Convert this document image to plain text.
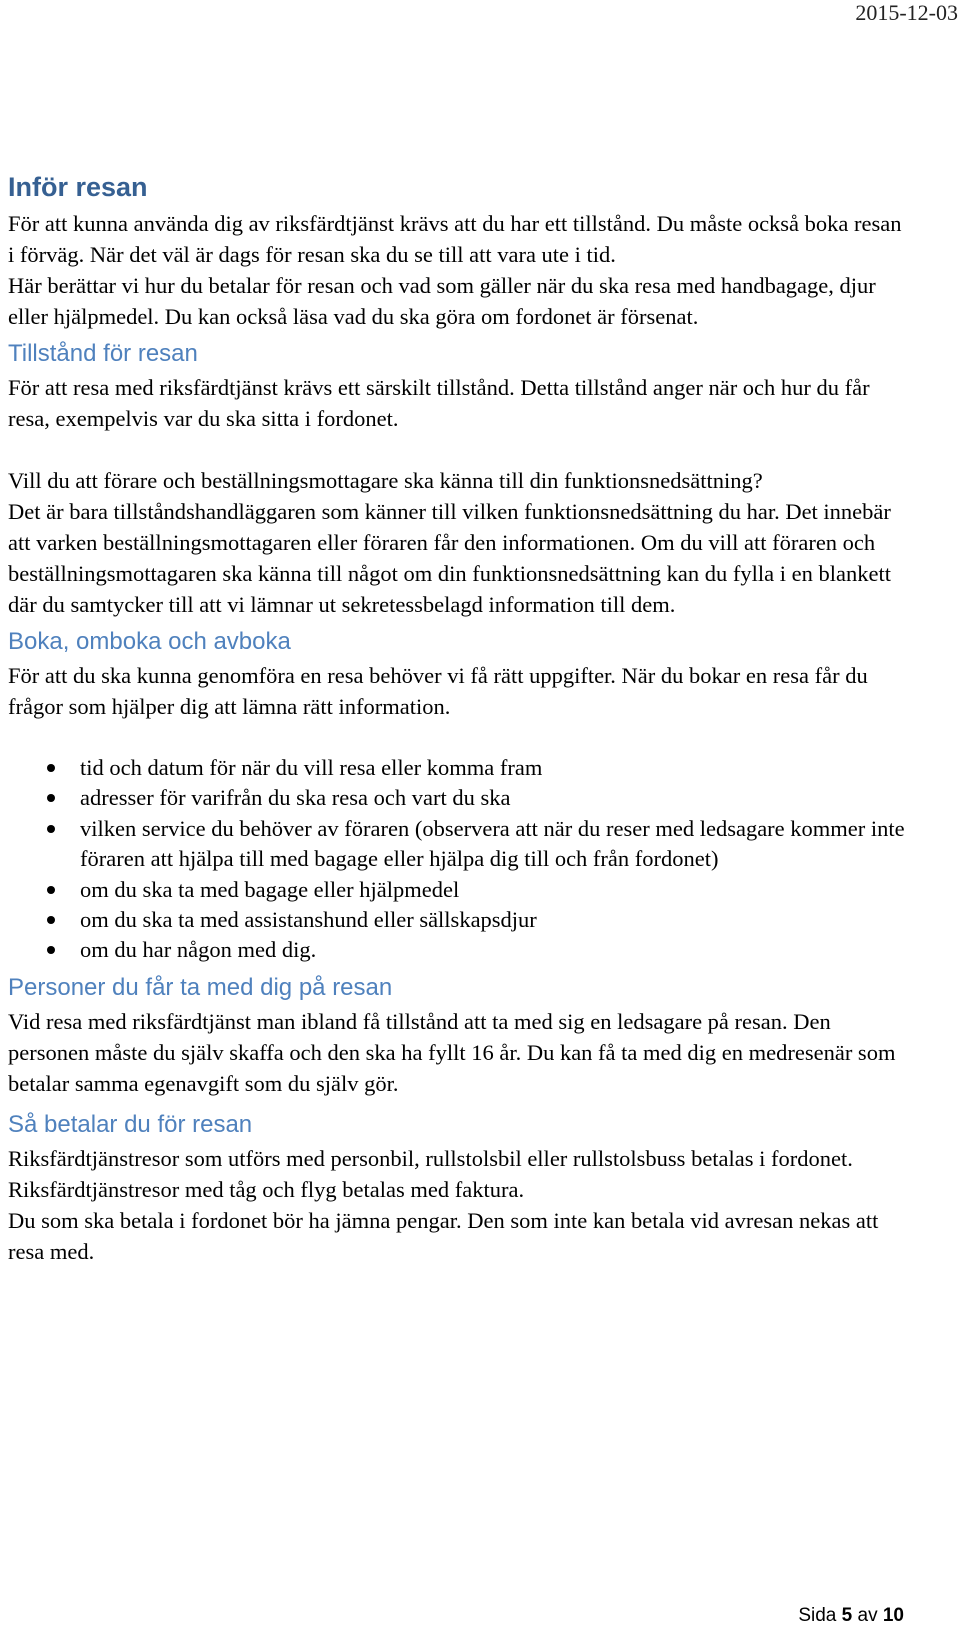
2015-12-03
Inför resan

För att kunna använda dig av riksfärdtjänst krävs att du har ett tillstånd. Du måste också boka resan i förväg. När det väl är dags för resan ska du se till att vara ute i tid.

Här berättar vi hur du betalar för resan och vad som gäller när du ska resa med handbagage, djur eller hjälpmedel. Du kan också läsa vad du ska göra om fordonet är försenat.

Tillstånd för resan

För att resa med riksfärdtjänst krävs ett särskilt tillstånd. Detta tillstånd anger när och hur du får resa, exempelvis var du ska sitta i fordonet.

Vill du att förare och beställningsmottagare ska känna till din funktionsnedsättning?

Det är bara tillståndshandläggaren som känner till vilken funktionsnedsättning du har. Det innebär att varken beställningsmottagaren eller föraren får den informationen. Om du vill att föraren och beställningsmottagaren ska känna till något om din funktionsnedsättning kan du fylla i en blankett där du samtycker till att vi lämnar ut sekretessbelagd information till dem.

Boka, omboka och avboka

För att du ska kunna genomföra en resa behöver vi få rätt uppgifter. När du bokar en resa får du frågor som hjälper dig att lämna rätt information.

tid och datum för när du vill resa eller komma fram
adresser för varifrån du ska resa och vart du ska
vilken service du behöver av föraren (observera att när du reser med ledsagare kommer inte föraren att hjälpa till med bagage eller hjälpa dig till och från fordonet)
om du ska ta med bagage eller hjälpmedel
om du ska ta med assistanshund eller sällskapsdjur
om du har någon med dig.
Personer du får ta med dig på resan

Vid resa med riksfärdtjänst man ibland få tillstånd att ta med sig en ledsagare på resan. Den personen måste du själv skaffa och den ska ha fyllt 16 år. Du kan få ta med dig en medresenär som betalar samma egenavgift som du själv gör.

Så betalar du för resan

Riksfärdtjänstresor som utförs med personbil, rullstolsbil eller rullstolsbuss betalas i fordonet. Riksfärdtjänstresor med tåg och flyg betalas med faktura.

Du som ska betala i fordonet bör ha jämna pengar. Den som inte kan betala vid avresan nekas att resa med.

Sida 5 av 10
